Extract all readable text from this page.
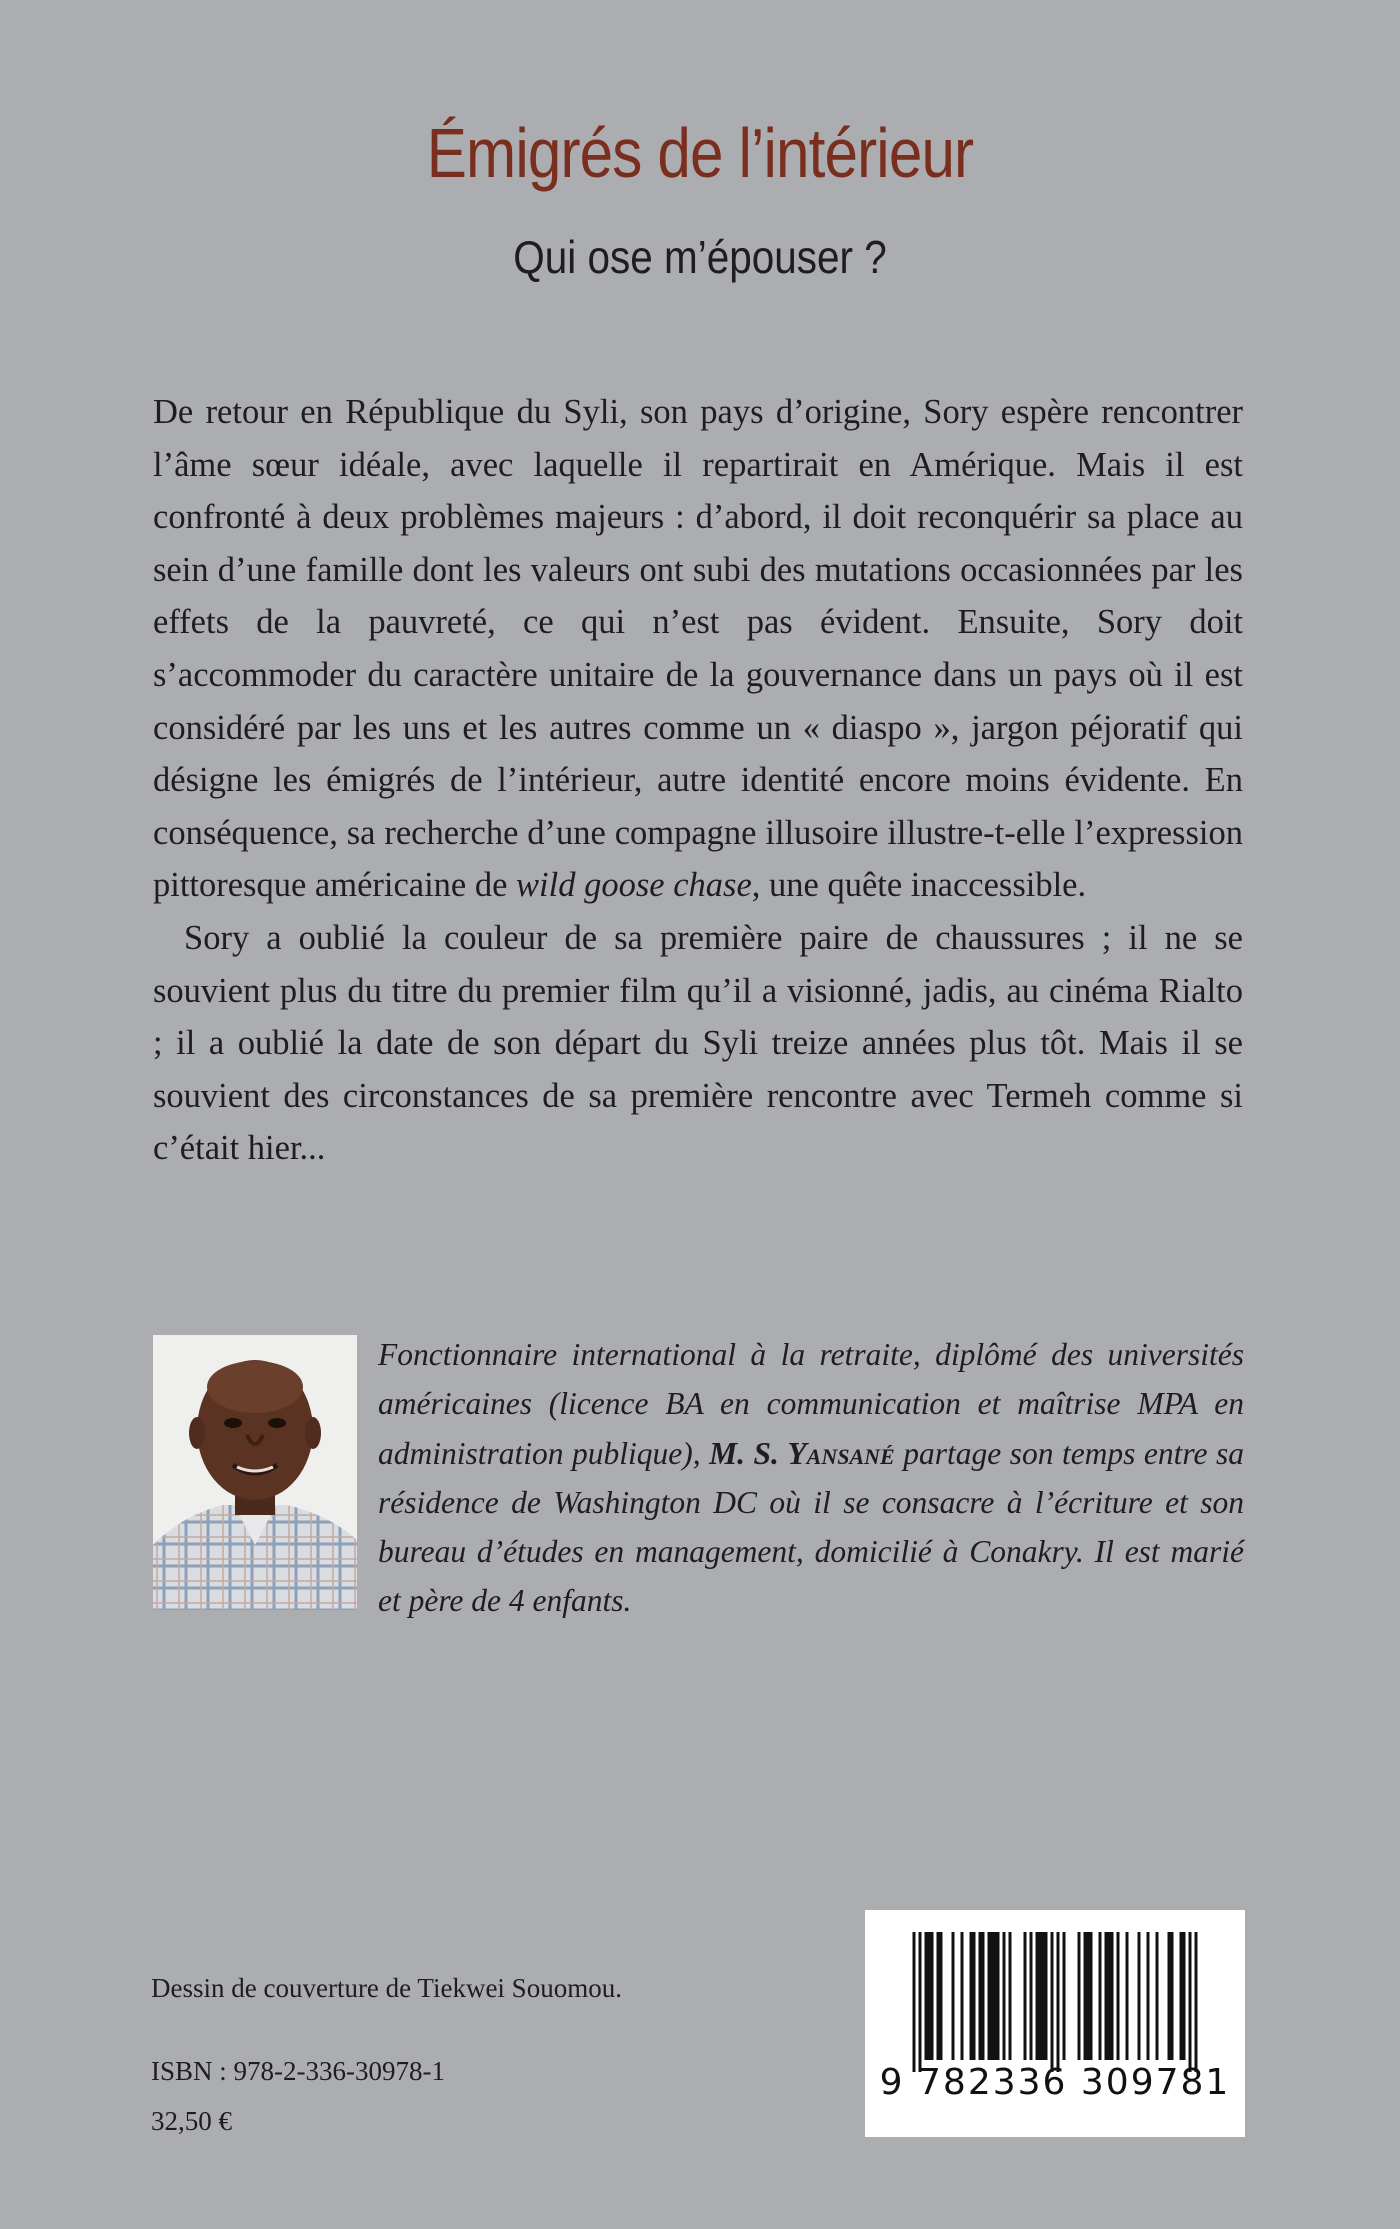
Émigrés de l’intérieur
Qui ose m’épouser ?

De retour en République du Syli, son pays d’origine, Sory espère rencontrer l’âme sœur idéale, avec laquelle il repartirait en Amérique. Mais il est confronté à deux problèmes majeurs : d’abord, il doit reconquérir sa place au sein d’une famille dont les valeurs ont subi des mutations occasionnées par les effets de la pauvreté, ce qui n’est pas évident. Ensuite, Sory doit s’accommoder du caractère unitaire de la gouvernance dans un pays où il est considéré par les uns et les autres comme un « diaspo », jargon péjoratif qui désigne les émigrés de l’intérieur, autre identité encore moins évidente. En conséquence, sa recherche d’une compagne illusoire illustre-t-elle l’expression pittoresque américaine de wild goose chase, une quête inaccessible.

Sory a oublié la couleur de sa première paire de chaussures ; il ne se souvient plus du titre du premier film qu’il a visionné, jadis, au cinéma Rialto ; il a oublié la date de son départ du Syli treize années plus tôt. Mais il se souvient des circonstances de sa première rencontre avec Termeh comme si c’était hier...

Fonctionnaire international à la retraite, diplômé des universités américaines (licence BA en communication et maîtrise MPA en administration publique), M. S. Yansané partage son temps entre sa résidence de Washington DC où il se consacre à l’écriture et son bureau d’études en management, domicilié à Conakry. Il est marié et père de 4 enfants.
Dessin de couverture de Tiekwei Souomou.
ISBN : 978-2-336-30978-1
32,50 €
9 782336 309781
